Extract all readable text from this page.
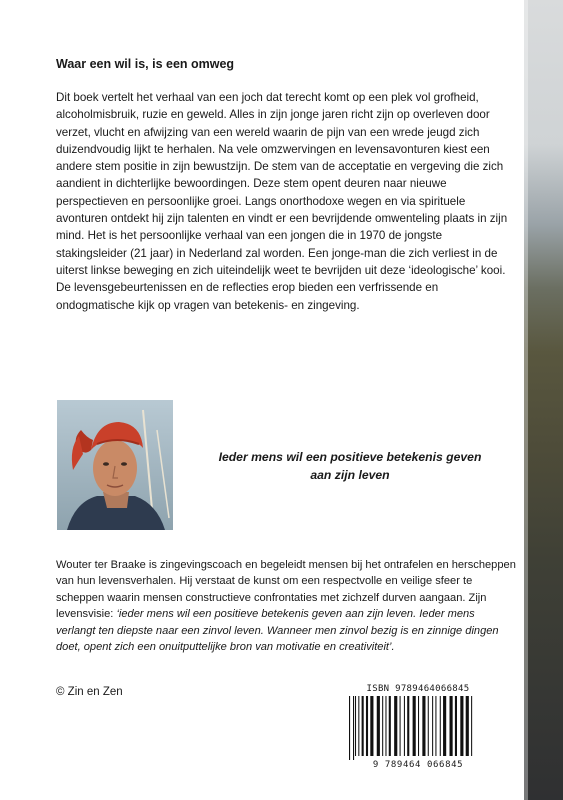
Waar een wil is, is een omweg

Dit boek vertelt het verhaal van een joch dat terecht komt op een plek vol grofheid, alcoholmisbruik, ruzie en geweld. Alles in zijn jonge jaren richt zijn op overleven door verzet, vlucht en afwijzing van een wereld waarin de pijn van een wrede jeugd zich duizendvoudig lijkt te herhalen. Na vele omzwervingen en levensavonturen kiest een andere stem positie in zijn bewustzijn. De stem van de acceptatie en vergeving die zich aandient in dichterlijke bewoordingen. Deze stem opent deuren naar nieuwe perspectieven en persoonlijke groei. Langs onorthodoxe wegen en via spirituele avonturen ontdekt hij zijn talenten en vindt er een bevrijdende omwenteling plaats in zijn mind. Het is het persoonlijke verhaal van een jongen die in 1970 de jongste stakingsleider (21 jaar) in Nederland zal worden. Een jonge-man die zich verliest in de uiterst linkse beweging en zich uiteindelijk weet te bevrijden uit deze ‘ideologische’ kooi. De levensgebeurtenissen en de reflecties erop bieden een verfrissende en ondogmatische kijk op vragen van betekenis- en zingeving.

Ieder mens wil een positieve betekenis geven
aan zijn leven
Wouter ter Braake is zingevingscoach en begeleidt mensen bij het ontrafelen en herscheppen van hun levensverhalen. Hij verstaat de kunst om een respectvolle en veilige sfeer te scheppen waarin mensen constructieve confrontaties met zichzelf durven aangaan. Zijn levensvisie: ‘ieder mens wil een positieve betekenis geven aan zijn leven. Ieder mens verlangt ten diepste naar een zinvol leven. Wanneer men zinvol bezig is en zinnige dingen doet, opent zich een onuitputtelijke bron van motivatie en creativiteit’.
© Zin en Zen	ISBN 9789464066845
9 789464 066845
